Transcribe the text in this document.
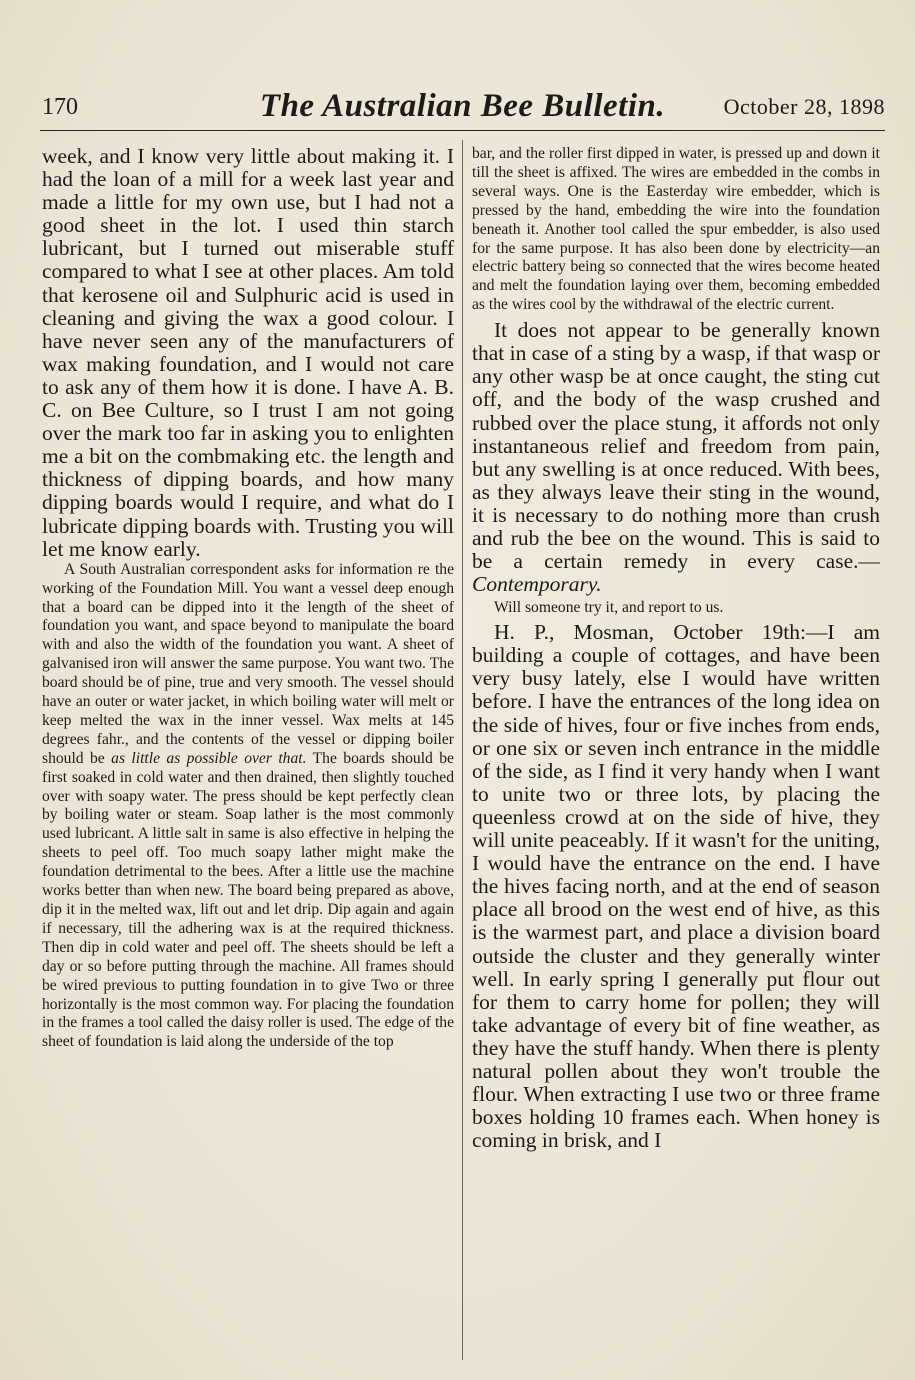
170	The Australian Bee Bulletin.	October 28, 1898

week, and I know very little about making it. I had the loan of a mill for a week last year and made a little for my own use, but I had not a good sheet in the lot. I used thin starch lubricant, but I turned out miserable stuff compared to what I see at other places. Am told that kerosene oil and Sulphuric acid is used in cleaning and giving the wax a good colour. I have never seen any of the manufacturers of wax making foundation, and I would not care to ask any of them how it is done. I have A. B. C. on Bee Culture, so I trust I am not going over the mark too far in asking you to enlighten me a bit on the combmaking etc. the length and thickness of dipping boards, and how many dipping boards would I require, and what do I lubricate dipping boards with. Trusting you will let me know early.

A South Australian correspondent asks for information re the working of the Foundation Mill. You want a vessel deep enough that a board can be dipped into it the length of the sheet of foundation you want, and space beyond to manipulate the board with and also the width of the foundation you want. A sheet of galvanised iron will answer the same purpose. You want two. The board should be of pine, true and very smooth. The vessel should have an outer or water jacket, in which boiling water will melt or keep melted the wax in the inner vessel. Wax melts at 145 degrees fahr., and the contents of the vessel or dipping boiler should be as little as possible over that. The boards should be first soaked in cold water and then drained, then slightly touched over with soapy water. The press should be kept perfectly clean by boiling water or steam. Soap lather is the most commonly used lubricant. A little salt in same is also effective in helping the sheets to peel off. Too much soapy lather might make the foundation detrimental to the bees. After a little use the machine works better than when new. The board being prepared as above, dip it in the melted wax, lift out and let drip. Dip again and again if necessary, till the adhering wax is at the required thickness. Then dip in cold water and peel off. The sheets should be left a day or so before putting through the machine. All frames should be wired previous to putting foundation in to give Two or three horizontally is the most common way. For placing the foundation in the frames a tool called the daisy roller is used. The edge of the sheet of foundation is laid along the underside of the top

bar, and the roller first dipped in water, is pressed up and down it till the sheet is affixed. The wires are embedded in the combs in several ways. One is the Easterday wire embedder, which is pressed by the hand, embedding the wire into the foundation beneath it. Another tool called the spur embedder, is also used for the same purpose. It has also been done by electricity—an electric battery being so connected that the wires become heated and melt the foundation laying over them, becoming embedded as the wires cool by the withdrawal of the electric current.

It does not appear to be generally known that in case of a sting by a wasp, if that wasp or any other wasp be at once caught, the sting cut off, and the body of the wasp crushed and rubbed over the place stung, it affords not only instantaneous relief and freedom from pain, but any swelling is at once reduced. With bees, as they always leave their sting in the wound, it is necessary to do nothing more than crush and rub the bee on the wound. This is said to be a certain remedy in every case.—Contemporary.

Will someone try it, and report to us.

H. P., Mosman, October 19th:—I am building a couple of cottages, and have been very busy lately, else I would have written before. I have the entrances of the long idea on the side of hives, four or five inches from ends, or one six or seven inch entrance in the middle of the side, as I find it very handy when I want to unite two or three lots, by placing the queenless crowd at on the side of hive, they will unite peaceably. If it wasn't for the uniting, I would have the entrance on the end. I have the hives facing north, and at the end of season place all brood on the west end of hive, as this is the warmest part, and place a division board outside the cluster and they generally winter well. In early spring I generally put flour out for them to carry home for pollen; they will take advantage of every bit of fine weather, as they have the stuff handy. When there is plenty natural pollen about they won't trouble the flour. When extracting I use two or three frame boxes holding 10 frames each. When honey is coming in brisk, and I
